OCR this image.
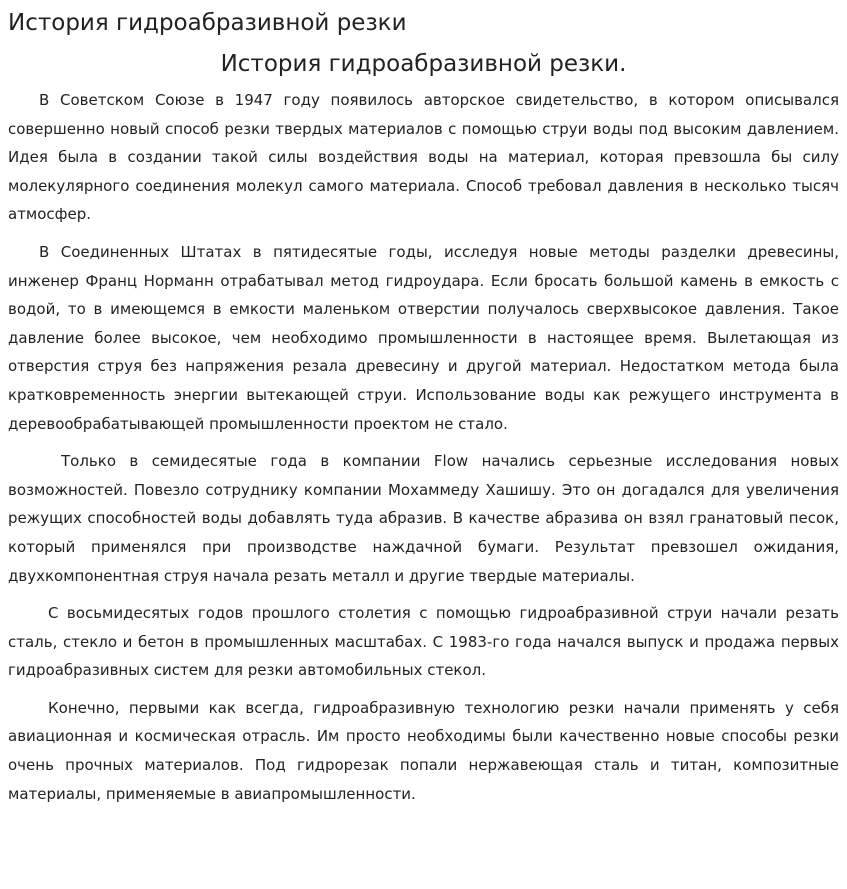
История гидроабразивной резки
История гидроабразивной резки.

В Советском Союзе в 1947 году появилось авторское свидетельство, в котором описывался совершенно новый способ резки твердых материалов с помощью струи воды под высоким давлением. Идея была в создании такой силы воздействия воды на материал, которая превзошла бы силу молекулярного соединения молекул самого материала. Способ требовал давления в несколько тысяч атмосфер.

В Соединенных Штатах в пятидесятые годы, исследуя новые методы разделки древесины, инженер Франц Норманн отрабатывал метод гидроудара. Если бросать большой камень в емкость с водой, то в имеющемся в емкости маленьком отверстии получалось сверхвысокое давления. Такое давление более высокое, чем необходимо промышленности в настоящее время. Вылетающая из отверстия струя без напряжения резала древесину и другой материал. Недостатком метода была кратковременность энергии вытекающей струи. Использование воды как режущего инструмента в деревообрабатывающей промышленности проектом не стало.

Только в семидесятые года в компании Flow начались серьезные исследования новых возможностей. Повезло сотруднику компании Мохаммеду Хашишу. Это он догадался для увеличения режущих способностей воды добавлять туда абразив. В качестве абразива он взял гранатовый песок, который применялся при производстве наждачной бумаги. Результат превзошел ожидания, двухкомпонентная струя начала резать металл и другие твердые материалы.

С восьмидесятых годов прошлого столетия с помощью гидроабразивной струи начали резать сталь, стекло и бетон в промышленных масштабах. С 1983-го года начался выпуск и продажа первых гидроабразивных систем для резки автомобильных стекол.

Конечно, первыми как всегда, гидроабразивную технологию резки начали применять у себя авиационная и космическая отрасль. Им просто необходимы были качественно новые способы резки очень прочных материалов. Под гидрорезак попали нержавеющая сталь и титан, композитные материалы, применяемые в авиапромышленности.
